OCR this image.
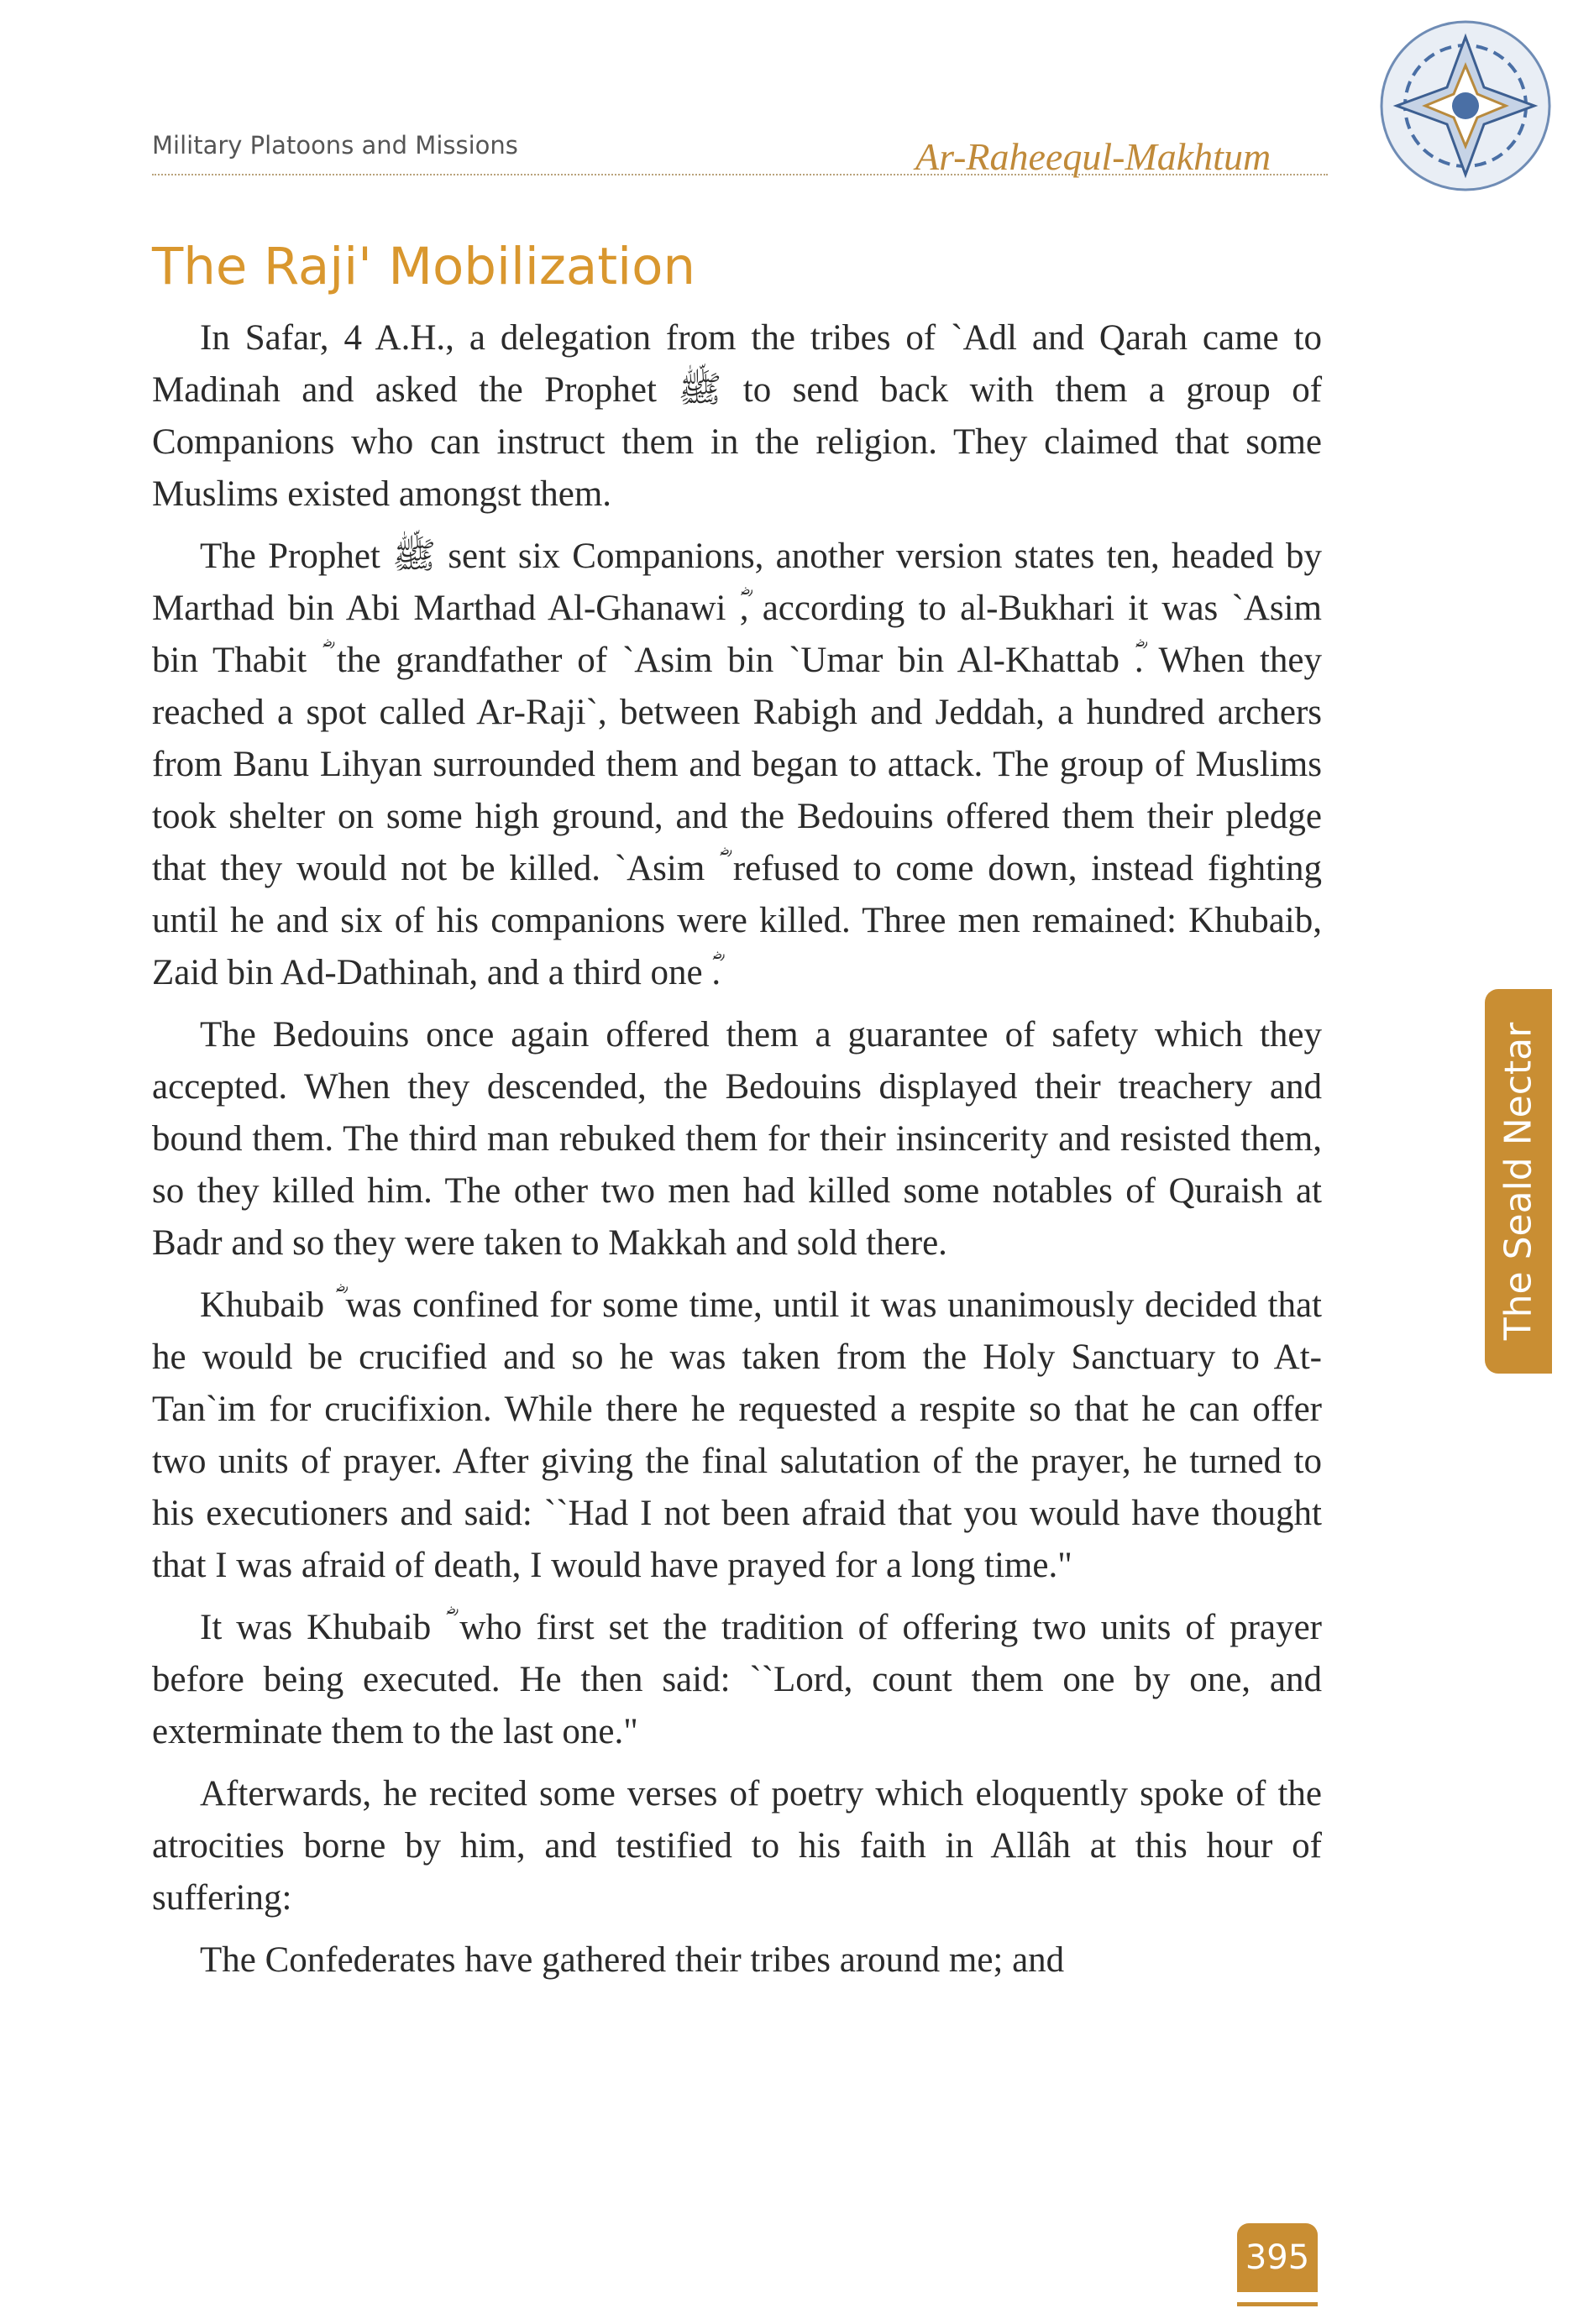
Military Platoons and Missions	Ar-Raheequl-Makhtum
The Raji' Mobilization

In Safar, 4 A.H., a delegation from the tribes of `Adl and Qarah came to Madinah and asked the Prophet ﷺ to send back with them a group of Companions who can instruct them in the religion. They claimed that some Muslims existed amongst them.

The Prophet ﷺ sent six Companions, another version states ten, headed by Marthad bin Abi Marthad Al-Ghanawi ؓ, according to al-Bukhari it was `Asim bin Thabit ؓ the grandfather of `Asim bin `Umar bin Al-Khattab ؓ. When they reached a spot called Ar-Raji`, between Rabigh and Jeddah, a hundred archers from Banu Lihyan surrounded them and began to attack. The group of Muslims took shelter on some high ground, and the Bedouins offered them their pledge that they would not be killed. `Asim ؓ refused to come down, instead fighting until he and six of his companions were killed. Three men remained: Khubaib, Zaid bin Ad-Dathinah, and a third one ؓ.

The Bedouins once again offered them a guarantee of safety which they accepted. When they descended, the Bedouins displayed their treachery and bound them. The third man rebuked them for their insincerity and resisted them, so they killed him. The other two men had killed some notables of Quraish at Badr and so they were taken to Makkah and sold there.

Khubaib ؓ was confined for some time, until it was unanimously decided that he would be crucified and so he was taken from the Holy Sanctuary to At-Tan`im for crucifixion. While there he requested a respite so that he can offer two units of prayer. After giving the final salutation of the prayer, he turned to his executioners and said: ``Had I not been afraid that you would have thought that I was afraid of death, I would have prayed for a long time."

It was Khubaib ؓ who first set the tradition of offering two units of prayer before being executed. He then said: ``Lord, count them one by one, and exterminate them to the last one."

Afterwards, he recited some verses of poetry which eloquently spoke of the atrocities borne by him, and testified to his faith in Allâh at this hour of suffering:

The Confederates have gathered their tribes around me; and

The Seald Nectar
395
